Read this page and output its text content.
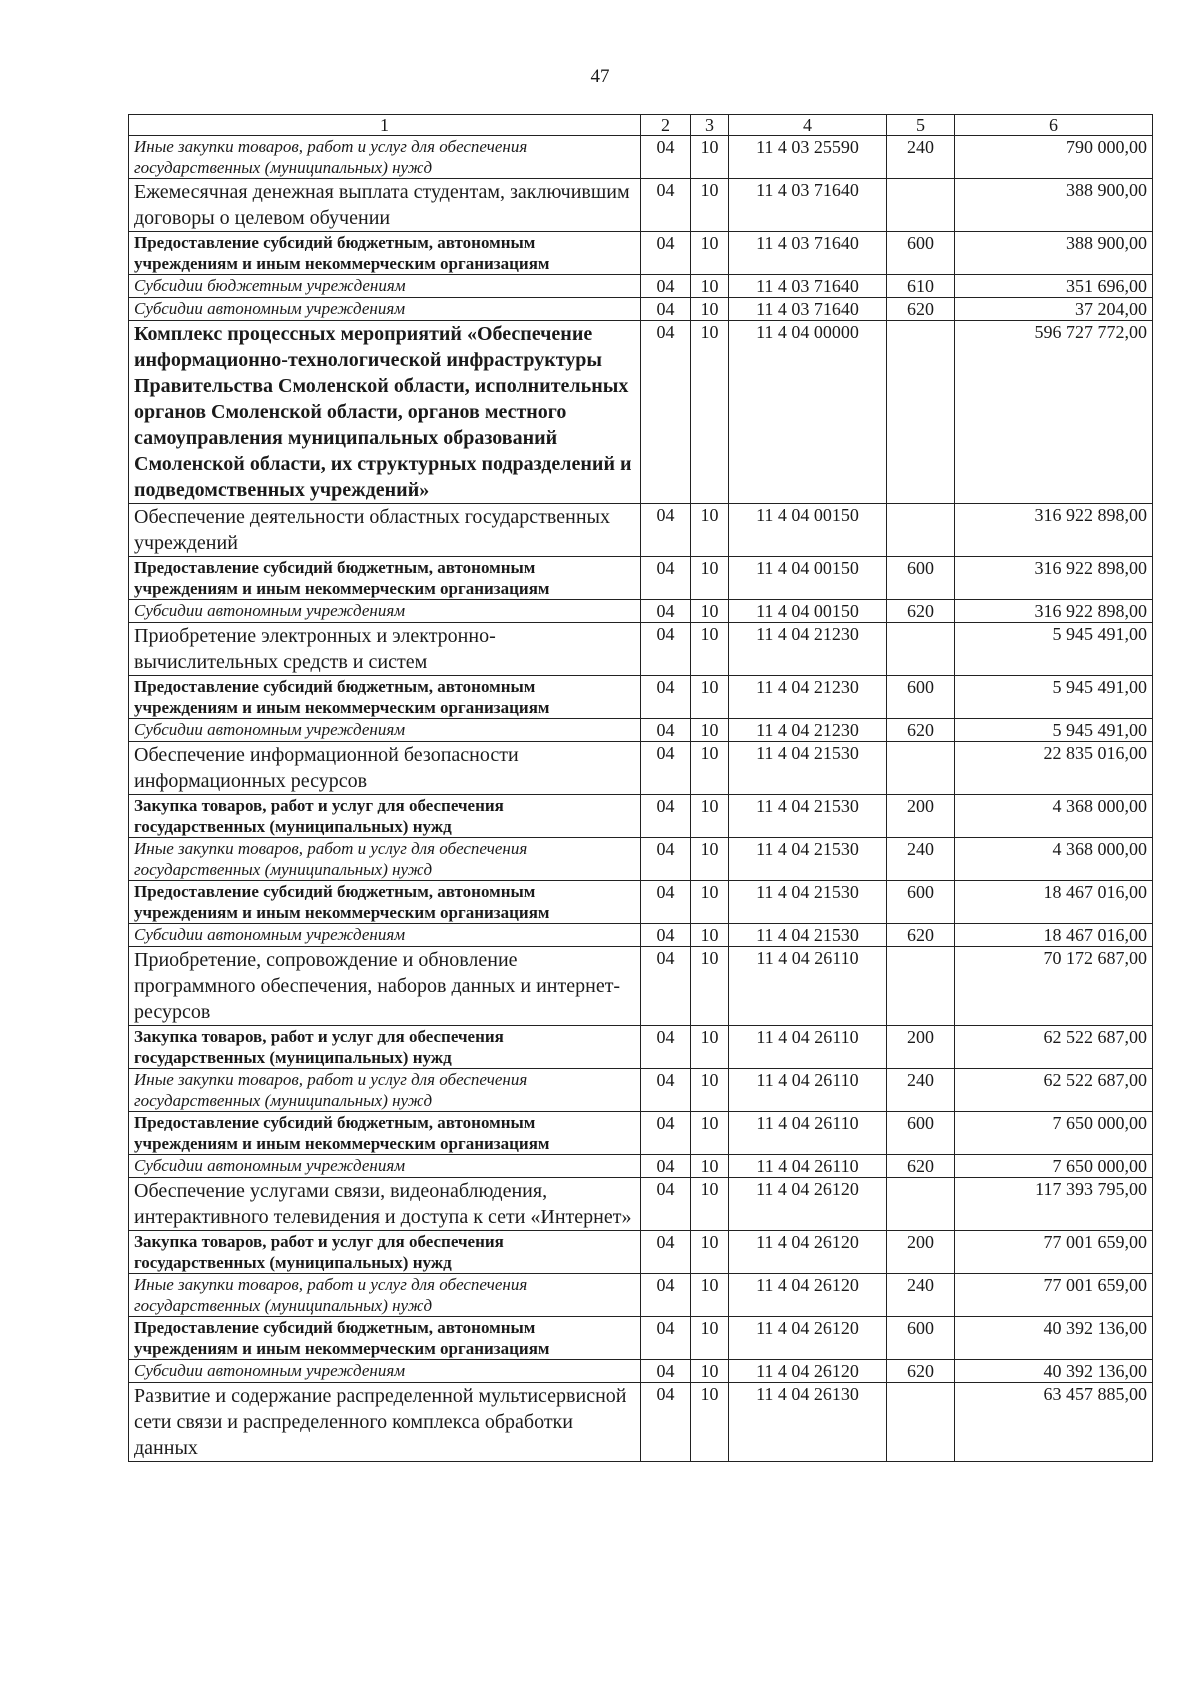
47
1	2	3	4	5	6
Иные закупки товаров, работ и услуг для обеспечения государственных (муниципальных) нужд	04	10	11 4 03 25590	240	790 000,00
Ежемесячная денежная выплата студентам, заключившим договоры о целевом обучении	04	10	11 4 03 71640		388 900,00
Предоставление субсидий бюджетным, автономным учреждениям и иным некоммерческим организациям	04	10	11 4 03 71640	600	388 900,00
Субсидии бюджетным учреждениям	04	10	11 4 03 71640	610	351 696,00
Субсидии автономным учреждениям	04	10	11 4 03 71640	620	37 204,00
Комплекс процессных мероприятий «Обеспечение информационно-технологической инфраструктуры Правительства Смоленской области, исполнительных органов Смоленской области, органов местного самоуправления муниципальных образований Смоленской области, их структурных подразделений и подведомственных учреждений»	04	10	11 4 04 00000		596 727 772,00
Обеспечение деятельности областных государственных учреждений	04	10	11 4 04 00150		316 922 898,00
Предоставление субсидий бюджетным, автономным учреждениям и иным некоммерческим организациям	04	10	11 4 04 00150	600	316 922 898,00
Субсидии автономным учреждениям	04	10	11 4 04 00150	620	316 922 898,00
Приобретение электронных и электронно-вычислительных средств и систем	04	10	11 4 04 21230		5 945 491,00
Предоставление субсидий бюджетным, автономным учреждениям и иным некоммерческим организациям	04	10	11 4 04 21230	600	5 945 491,00
Субсидии автономным учреждениям	04	10	11 4 04 21230	620	5 945 491,00
Обеспечение информационной безопасности информационных ресурсов	04	10	11 4 04 21530		22 835 016,00
Закупка товаров, работ и услуг для обеспечения государственных (муниципальных) нужд	04	10	11 4 04 21530	200	4 368 000,00
Иные закупки товаров, работ и услуг для обеспечения государственных (муниципальных) нужд	04	10	11 4 04 21530	240	4 368 000,00
Предоставление субсидий бюджетным, автономным учреждениям и иным некоммерческим организациям	04	10	11 4 04 21530	600	18 467 016,00
Субсидии автономным учреждениям	04	10	11 4 04 21530	620	18 467 016,00
Приобретение, сопровождение и обновление программного обеспечения, наборов данных и интернет-ресурсов	04	10	11 4 04 26110		70 172 687,00
Закупка товаров, работ и услуг для обеспечения государственных (муниципальных) нужд	04	10	11 4 04 26110	200	62 522 687,00
Иные закупки товаров, работ и услуг для обеспечения государственных (муниципальных) нужд	04	10	11 4 04 26110	240	62 522 687,00
Предоставление субсидий бюджетным, автономным учреждениям и иным некоммерческим организациям	04	10	11 4 04 26110	600	7 650 000,00
Субсидии автономным учреждениям	04	10	11 4 04 26110	620	7 650 000,00
Обеспечение услугами связи, видеонаблюдения, интерактивного телевидения и доступа к сети «Интернет»	04	10	11 4 04 26120		117 393 795,00
Закупка товаров, работ и услуг для обеспечения государственных (муниципальных) нужд	04	10	11 4 04 26120	200	77 001 659,00
Иные закупки товаров, работ и услуг для обеспечения государственных (муниципальных) нужд	04	10	11 4 04 26120	240	77 001 659,00
Предоставление субсидий бюджетным, автономным учреждениям и иным некоммерческим организациям	04	10	11 4 04 26120	600	40 392 136,00
Субсидии автономным учреждениям	04	10	11 4 04 26120	620	40 392 136,00
Развитие и содержание распределенной мультисервисной сети связи и распределенного комплекса обработки данных	04	10	11 4 04 26130		63 457 885,00
